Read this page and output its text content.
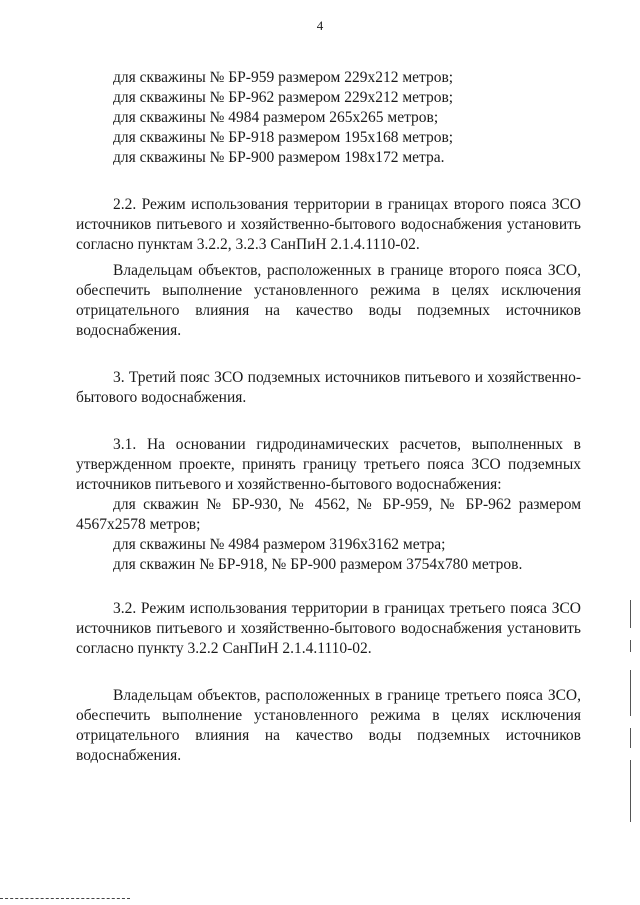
4
для скважины № БР-959 размером 229x212 метров;
для скважины № БР-962 размером 229x212 метров;
для скважины № 4984 размером 265x265 метров;
для скважины № БР-918 размером 195x168 метров;
для скважины № БР-900 размером 198x172 метра.

2.2. Режим использования территории в границах второго пояса ЗСО источников питьевого и хозяйственно-бытового водоснабжения установить согласно пунктам 3.2.2, 3.2.3 СанПиН 2.1.4.1110-02.

Владельцам объектов, расположенных в границе второго пояса ЗСО, обеспечить выполнение установленного режима в целях исключения отрицательного влияния на качество воды подземных источников водоснабжения.

3. Третий пояс ЗСО подземных источников питьевого и хозяйственно-бытового водоснабжения.

3.1. На основании гидродинамических расчетов, выполненных в утвержденном проекте, принять границу третьего пояса ЗСО подземных источников питьевого и хозяйственно-бытового водоснабжения:

для скважин № БР-930, № 4562, № БР-959, № БР-962 размером 4567x2578 метров;

для скважины № 4984 размером 3196x3162 метра;
для скважин № БР-918, № БР-900 размером 3754x780 метров.

3.2. Режим использования территории в границах третьего пояса ЗСО источников питьевого и хозяйственно-бытового водоснабжения установить согласно пункту 3.2.2 СанПиН 2.1.4.1110-02.

Владельцам объектов, расположенных в границе третьего пояса ЗСО, обеспечить выполнение установленного режима в целях исключения отрицательного влияния на качество воды подземных источников водоснабжения.
